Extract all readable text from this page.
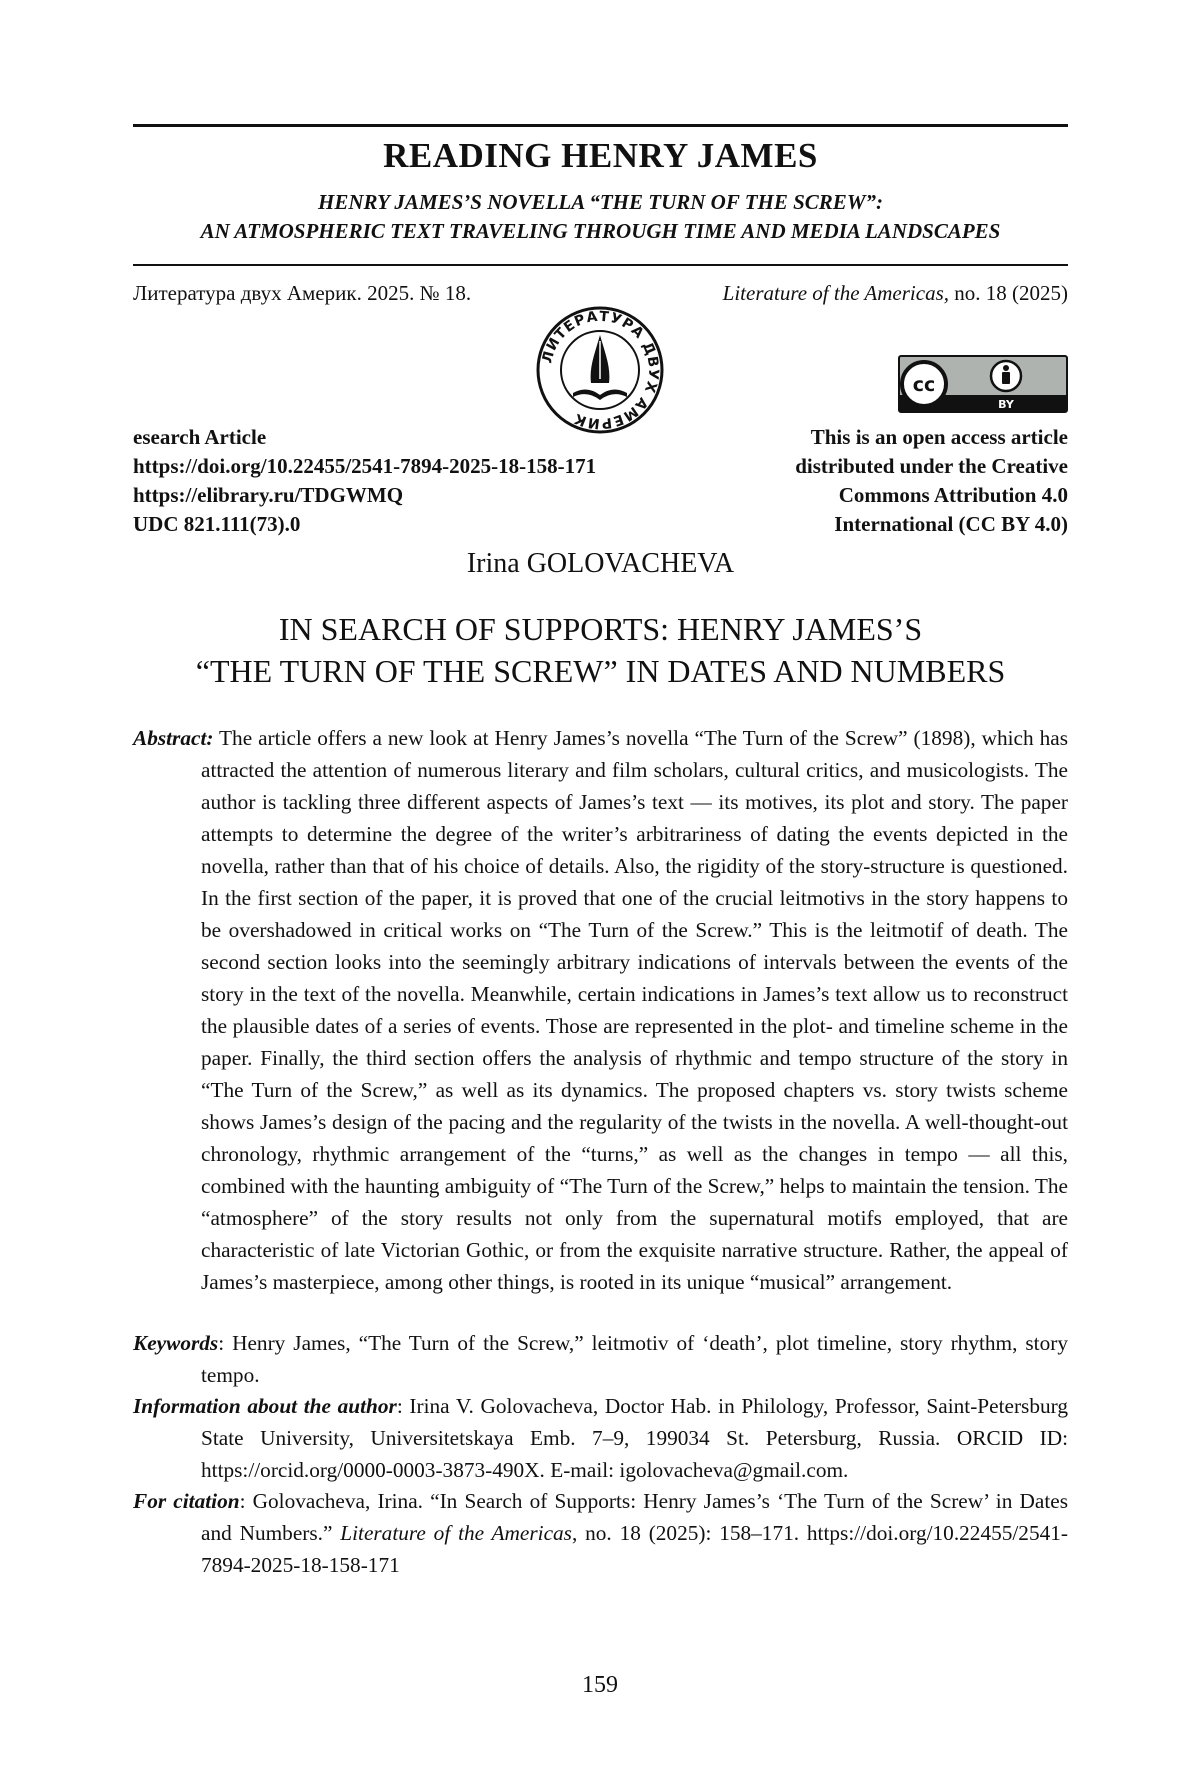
READING HENRY JAMES
HENRY JAMES’S NOVELLA “THE TURN OF THE SCREW”:
AN ATMOSPHERIC TEXT TRAVELING THROUGH TIME AND MEDIA LANDSCAPES
Литература двух Америк. 2025. № 18.	Literature of the Americas, no. 18 (2025)
ЛИТЕРАТУРА ДВУХ АМЕРИК
cc
BY
esearch Article
https://doi.org/10.22455/2541-7894-2025-18-158-171
https://elibrary.ru/TDGWMQ
UDC 821.111(73).0
This is an open access article
distributed under the Creative
Commons Attribution 4.0
International (CC BY 4.0)
Irina GOLOVACHEVA
IN SEARCH OF SUPPORTS: HENRY JAMES’S
“THE TURN OF THE SCREW” IN DATES AND NUMBERS
Abstract: The article offers a new look at Henry James’s novella “The Turn of the Screw” (1898), which has attracted the attention of numerous literary and film scholars, cultural critics, and musicologists. The author is tackling three different aspects of James’s text — its motives, its plot and story. The paper attempts to determine the degree of the writer’s arbitrariness of dating the events depicted in the novella, rather than that of his choice of details. Also, the rigidity of the story-structure is questioned. In the first section of the paper, it is proved that one of the crucial leitmotivs in the story happens to be overshadowed in critical works on “The Turn of the Screw.” This is the leitmotif of death. The second section looks into the seemingly arbitrary indications of intervals between the events of the story in the text of the novella. Meanwhile, certain indications in James’s text allow us to reconstruct the plausible dates of a series of events. Those are represented in the plot- and timeline scheme in the paper. Finally, the third section offers the analysis of rhythmic and tempo structure of the story in “The Turn of the Screw,” as well as its dynamics. The proposed chapters vs. story twists scheme shows James’s design of the pacing and the regularity of the twists in the novella. A well-thought-out chronology, rhythmic arrangement of the “turns,” as well as the changes in tempo — all this, combined with the haunting ambiguity of “The Turn of the Screw,” helps to maintain the tension. The “atmosphere” of the story results not only from the supernatural motifs employed, that are characteristic of late Victorian Gothic, or from the exquisite narrative structure. Rather, the appeal of James’s masterpiece, among other things, is rooted in its unique “musical” arrangement.
Keywords: Henry James, “The Turn of the Screw,” leitmotiv of ‘death’, plot timeline, story rhythm, story tempo.
Information about the author: Irina V. Golovacheva, Doctor Hab. in Philology, Professor, Saint-Petersburg State University, Universitetskaya Emb. 7–9, 199034 St. Petersburg, Russia. ORCID ID: https://orcid.org/0000-0003-3873-490X. E-mail: igolovacheva@gmail.com.
For citation: Golovacheva, Irina. “In Search of Supports: Henry James’s ‘The Turn of the Screw’ in Dates and Numbers.” Literature of the Americas, no. 18 (2025): 158–171. https://doi.org/10.22455/2541-7894-2025-18-158-171
159
